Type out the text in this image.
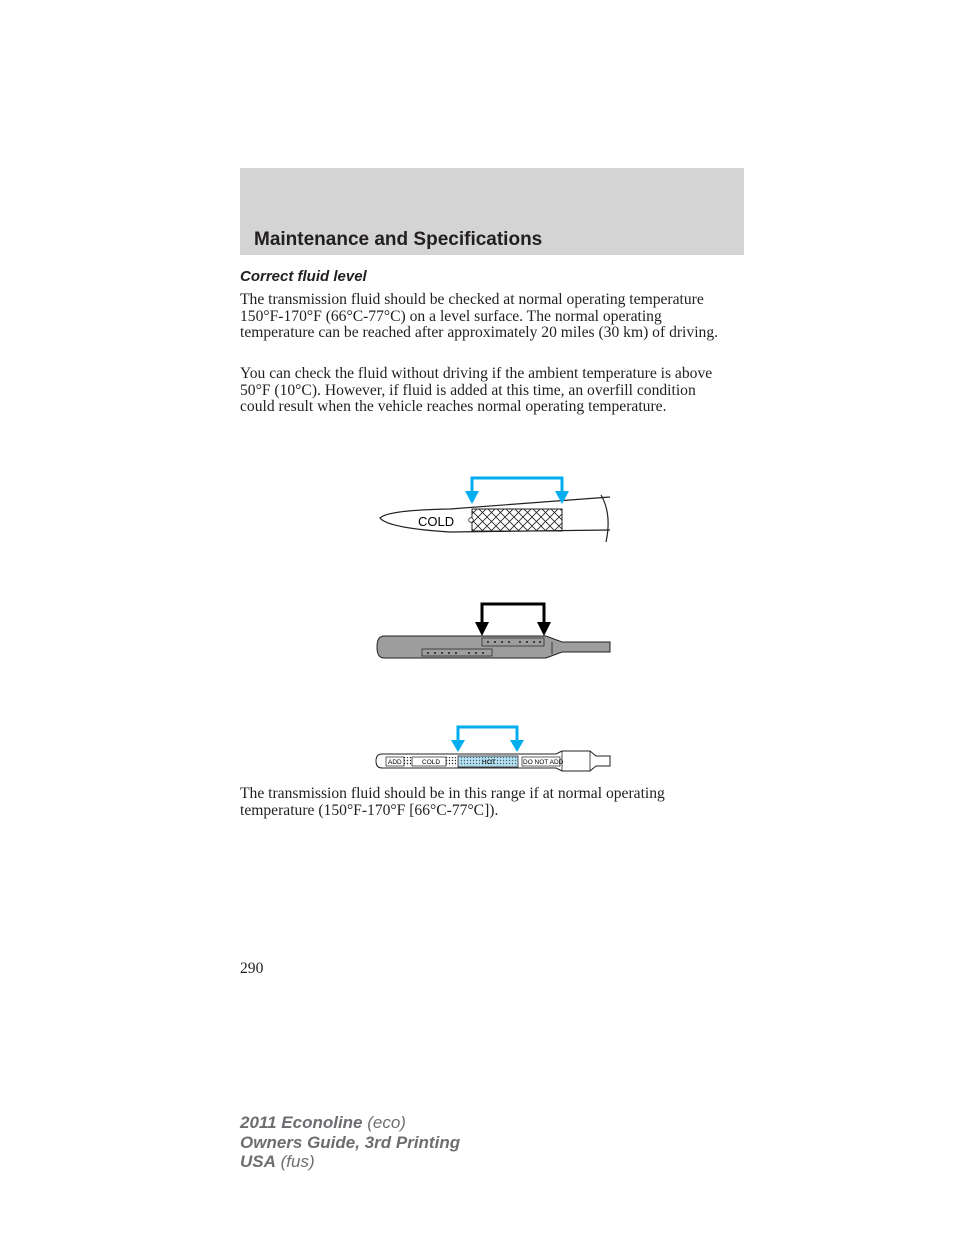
Maintenance and Specifications
Correct fluid level

The transmission fluid should be checked at normal operating temperature 150°F-170°F (66°C-77°C) on a level surface. The normal operating temperature can be reached after approximately 20 miles (30 km) of driving.

You can check the fluid without driving if the ambient temperature is above 50°F (10°C). However, if fluid is added at this time, an overfill condition could result when the vehicle reaches normal operating temperature.

COLD
ADD	COLD	HOT	DO NOT ADD

The transmission fluid should be in this range if at normal operating temperature (150°F-170°F [66°C-77°C]).

290
2011 Econoline (eco)
Owners Guide, 3rd Printing
USA (fus)
